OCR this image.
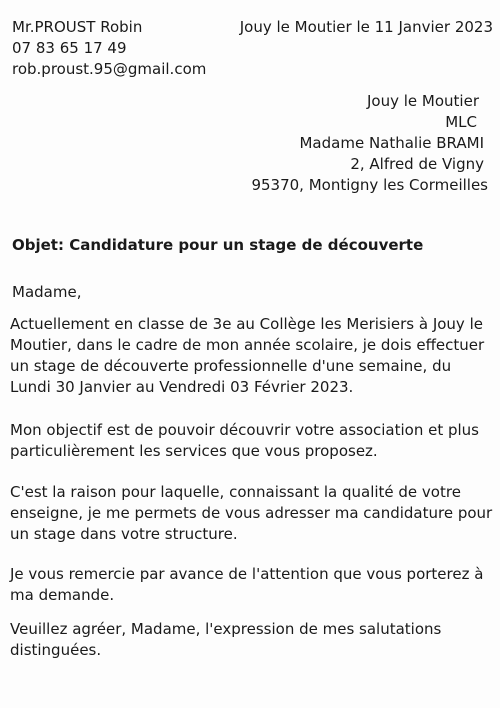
Mr.PROUST Robin
07 83 65 17 49
rob.proust.95@gmail.com
Jouy le Moutier le 11 Janvier 2023
Jouy le Moutier
MLC
Madame Nathalie BRAMI
2, Alfred de Vigny
95370, Montigny les Cormeilles
Objet: Candidature pour un stage de découverte
Madame,
Actuellement en classe de 3e au Collège les Merisiers à Jouy le
Moutier, dans le cadre de mon année scolaire, je dois effectuer
un stage de découverte professionnelle d'une semaine, du
Lundi 30 Janvier au Vendredi 03 Février 2023.
Mon objectif est de pouvoir découvrir votre association et plus
particulièrement les services que vous proposez.
C'est la raison pour laquelle, connaissant la qualité de votre
enseigne, je me permets de vous adresser ma candidature pour
un stage dans votre structure.
Je vous remercie par avance de l'attention que vous porterez à
ma demande.
Veuillez agréer, Madame, l'expression de mes salutations
distinguées.
